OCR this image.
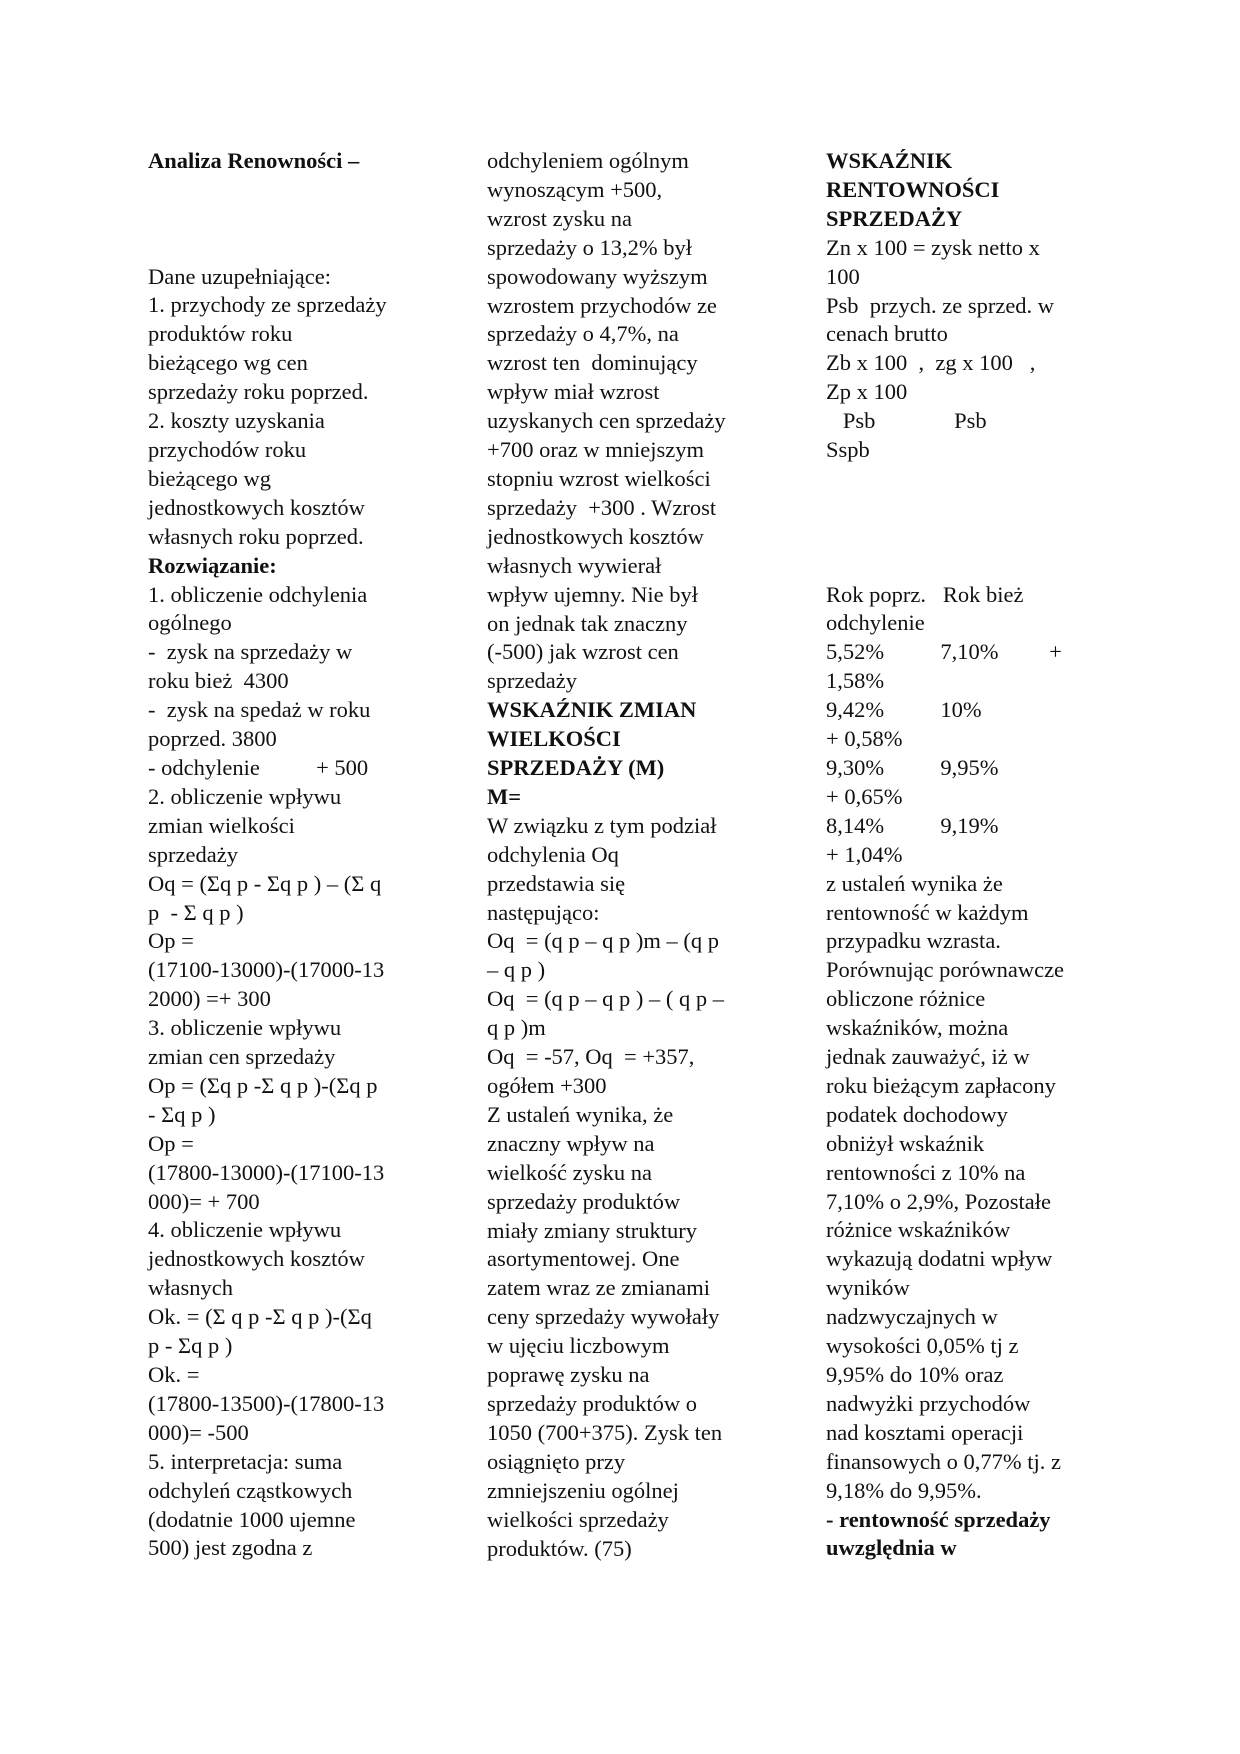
Analiza Renowności –
Dane uzupełniające:
1. przychody ze sprzedaży
produktów roku
bieżącego wg cen
sprzedaży roku poprzed.
2. koszty uzyskania
przychodów roku
bieżącego wg
jednostkowych kosztów
własnych roku poprzed.
Rozwiązanie:
1. obliczenie odchylenia
ogólnego
-  zysk na sprzedaży w
roku bież  4300
-  zysk na spedaż w roku
poprzed. 3800
- odchylenie          + 500
2. obliczenie wpływu
zmian wielkości
sprzedaży
Oq = (Σq p - Σq p ) – (Σ q
p  - Σ q p )
Op =
(17100-13000)-(17000-13
2000) =+ 300
3. obliczenie wpływu
zmian cen sprzedaży
Op = (Σq p -Σ q p )-(Σq p
- Σq p )
Op =
(17800-13000)-(17100-13
000)= + 700
4. obliczenie wpływu
jednostkowych kosztów
własnych
Ok. = (Σ q p -Σ q p )-(Σq
p - Σq p )
Ok. =
(17800-13500)-(17800-13
000)= -500
5. interpretacja: suma
odchyleń cząstkowych
(dodatnie 1000 ujemne
500) jest zgodna z
odchyleniem ogólnym
wynoszącym +500,
wzrost zysku na
sprzedaży o 13,2% był
spowodowany wyższym
wzrostem przychodów ze
sprzedaży o 4,7%, na
wzrost ten  dominujący
wpływ miał wzrost
uzyskanych cen sprzedaży
+700 oraz w mniejszym
stopniu wzrost wielkości
sprzedaży  +300 . Wzrost
jednostkowych kosztów
własnych wywierał
wpływ ujemny. Nie był
on jednak tak znaczny
(-500) jak wzrost cen
sprzedaży
WSKAŹNIK ZMIAN
WIELKOŚCI
SPRZEDAŻY (M)
M=
W związku z tym podział
odchylenia Oq
przedstawia się
następująco:
Oq  = (q p – q p )m – (q p
– q p )
Oq  = (q p – q p ) – ( q p –
q p )m
Oq  = -57, Oq  = +357,
ogółem +300
Z ustaleń wynika, że
znaczny wpływ na
wielkość zysku na
sprzedaży produktów
miały zmiany struktury
asortymentowej. One
zatem wraz ze zmianami
ceny sprzedaży wywołały
w ujęciu liczbowym
poprawę zysku na
sprzedaży produktów o
1050 (700+375). Zysk ten
osiągnięto przy
zmniejszeniu ogólnej
wielkości sprzedaży
produktów. (75)
WSKAŹNIK
RENTOWNOŚCI
SPRZEDAŻY
Zn x 100 = zysk netto x
100
Psb  przych. ze sprzed. w
cenach brutto
Zb x 100  ,  zg x 100   ,
Zp x 100
Psb              Psb
Sspb
Rok poprz.   Rok bież
odchylenie
5,52%          7,10%         +
1,58%
9,42%          10%
+ 0,58%
9,30%          9,95%
+ 0,65%
8,14%          9,19%
+ 1,04%
z ustaleń wynika że
rentowność w każdym
przypadku wzrasta.
Porównując porównawcze
obliczone różnice
wskaźników, można
jednak zauważyć, iż w
roku bieżącym zapłacony
podatek dochodowy
obniżył wskaźnik
rentowności z 10% na
7,10% o 2,9%, Pozostałe
różnice wskaźników
wykazują dodatni wpływ
wyników
nadzwyczajnych w
wysokości 0,05% tj z
9,95% do 10% oraz
nadwyżki przychodów
nad kosztami operacji
finansowych o 0,77% tj. z
9,18% do 9,95%.
- rentowność sprzedaży
uwzględnia w
